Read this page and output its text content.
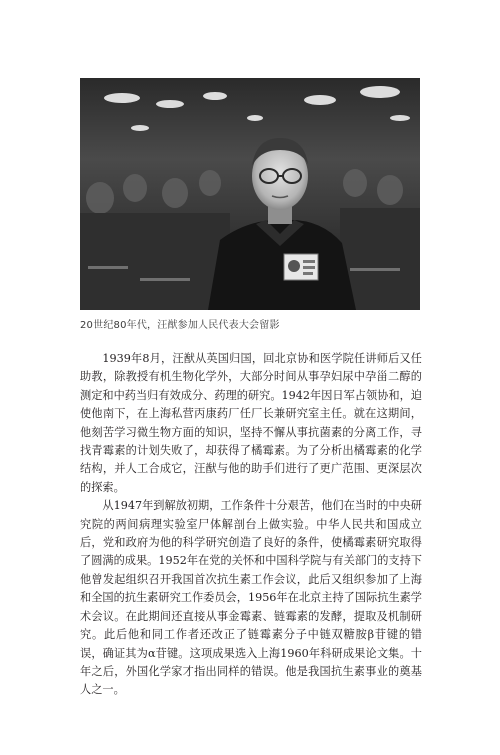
20世纪80年代，汪猷参加人民代表大会留影

1939年8月，汪猷从英国归国，回北京协和医学院任讲师后又任助教，除教授有机生物化学外，大部分时间从事孕妇尿中孕甾二醇的测定和中药当归有效成分、药理的研究。1942年因日军占领协和，迫使他南下，在上海私营丙康药厂任厂长兼研究室主任。就在这期间，他刻苦学习微生物方面的知识，坚持不懈从事抗菌素的分离工作，寻找青霉素的计划失败了，却获得了橘霉素。为了分析出橘霉素的化学结构，并人工合成它，汪猷与他的助手们进行了更广范围、更深层次的探索。

从1947年到解放初期，工作条件十分艰苦，他们在当时的中央研究院的两间病理实验室尸体解剖台上做实验。中华人民共和国成立后，党和政府为他的科学研究创造了良好的条件，使橘霉素研究取得了圆满的成果。1952年在党的关怀和中国科学院与有关部门的支持下他曾发起组织召开我国首次抗生素工作会议，此后又组织参加了上海和全国的抗生素研究工作委员会，1956年在北京主持了国际抗生素学术会议。在此期间还直接从事金霉素、链霉素的发酵，提取及机制研究。此后他和同工作者还改正了链霉素分子中链双糖胺β苷键的错误，确证其为α苷键。这项成果选入上海1960年科研成果论文集。十年之后，外国化学家才指出同样的错误。他是我国抗生素事业的奠基人之一。
